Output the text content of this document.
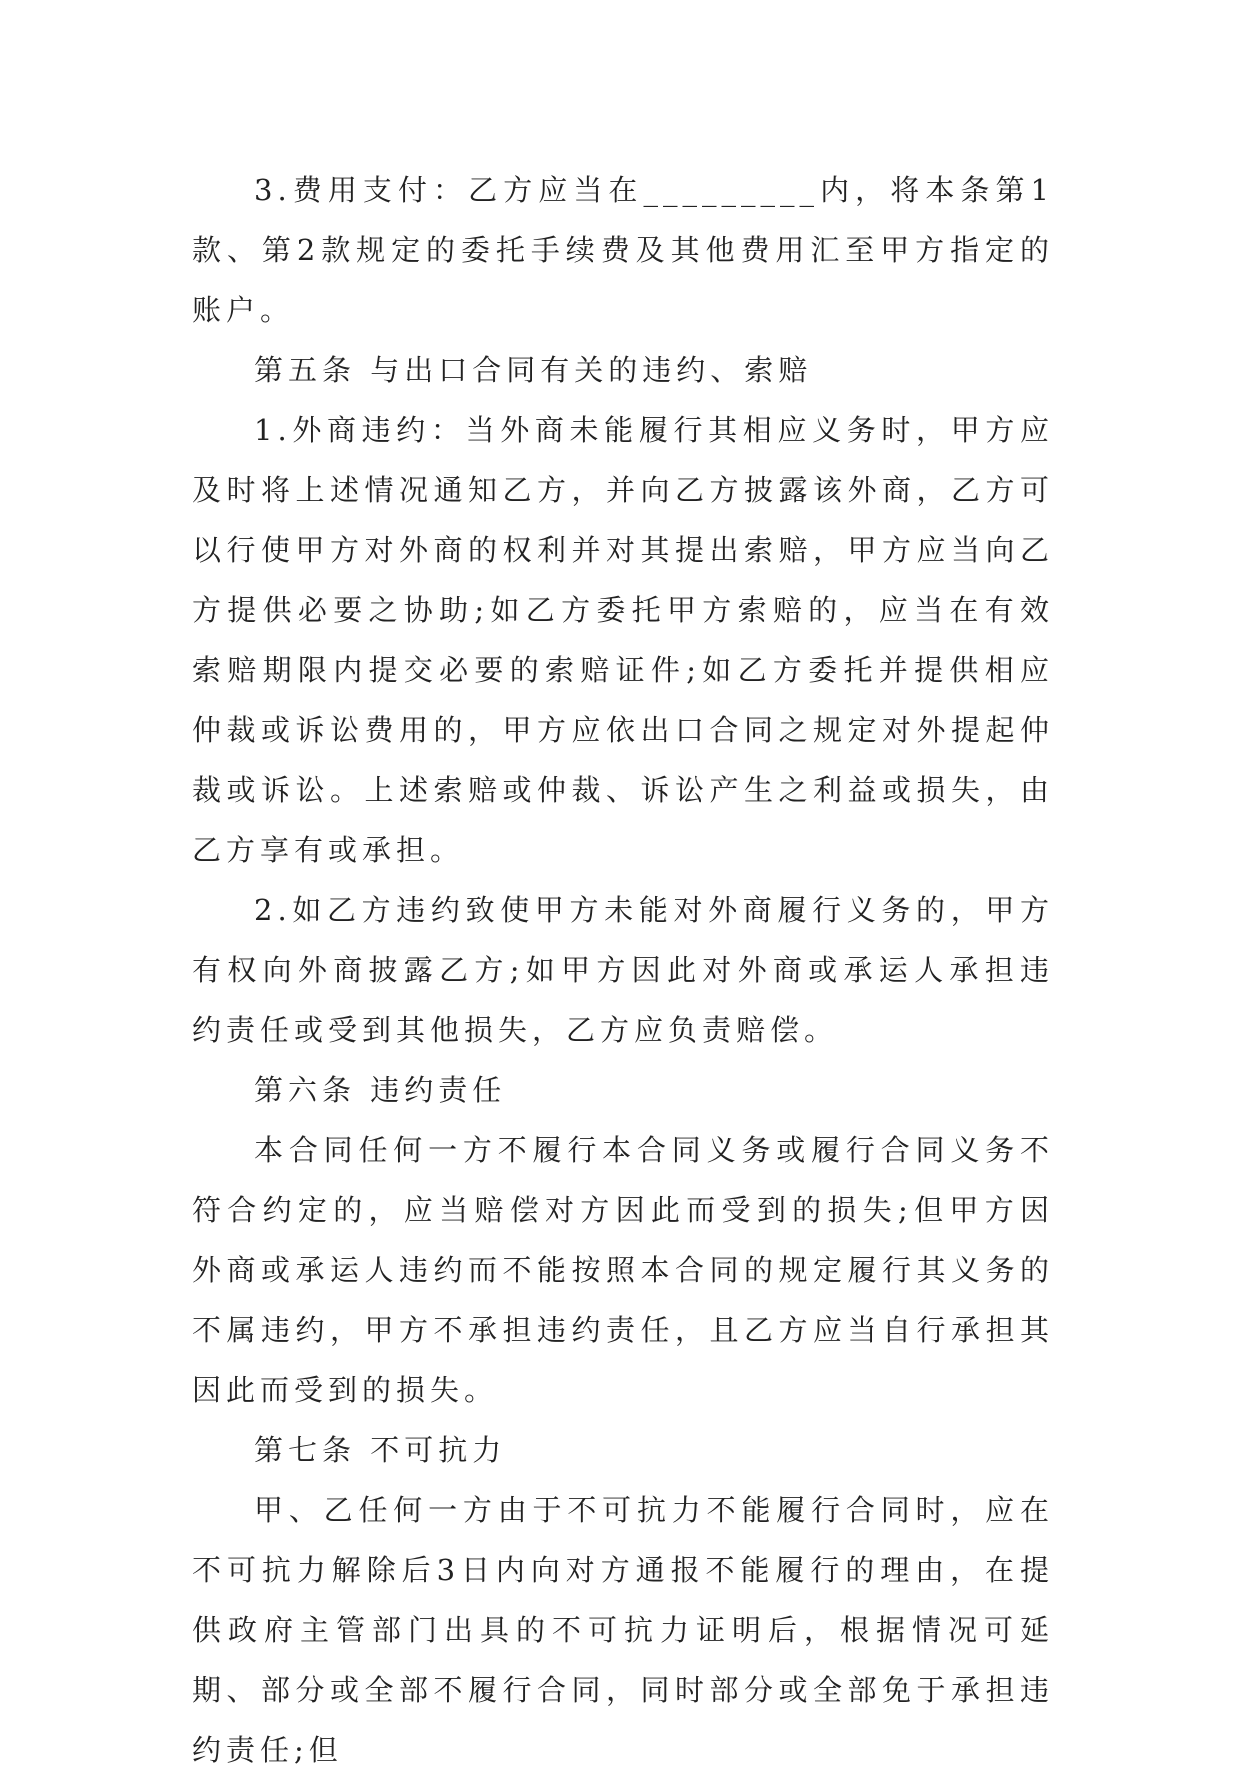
3.费用支付：乙方应当在_________内，将本条第1款、第2款规定的委托手续费及其他费用汇至甲方指定的账户。

第五条 与出口合同有关的违约、索赔

1.外商违约：当外商未能履行其相应义务时，甲方应及时将上述情况通知乙方，并向乙方披露该外商，乙方可以行使甲方对外商的权利并对其提出索赔，甲方应当向乙方提供必要之协助;如乙方委托甲方索赔的，应当在有效索赔期限内提交必要的索赔证件;如乙方委托并提供相应仲裁或诉讼费用的，甲方应依出口合同之规定对外提起仲裁或诉讼。上述索赔或仲裁、诉讼产生之利益或损失，由乙方享有或承担。

2.如乙方违约致使甲方未能对外商履行义务的，甲方有权向外商披露乙方;如甲方因此对外商或承运人承担违约责任或受到其他损失，乙方应负责赔偿。

第六条 违约责任

本合同任何一方不履行本合同义务或履行合同义务不符合约定的，应当赔偿对方因此而受到的损失;但甲方因外商或承运人违约而不能按照本合同的规定履行其义务的不属违约，甲方不承担违约责任，且乙方应当自行承担其因此而受到的损失。

第七条 不可抗力

甲、乙任何一方由于不可抗力不能履行合同时，应在不可抗力解除后3日内向对方通报不能履行的理由，在提供政府主管部门出具的不可抗力证明后，根据情况可延期、部分或全部不履行合同，同时部分或全部免于承担违约责任;但
